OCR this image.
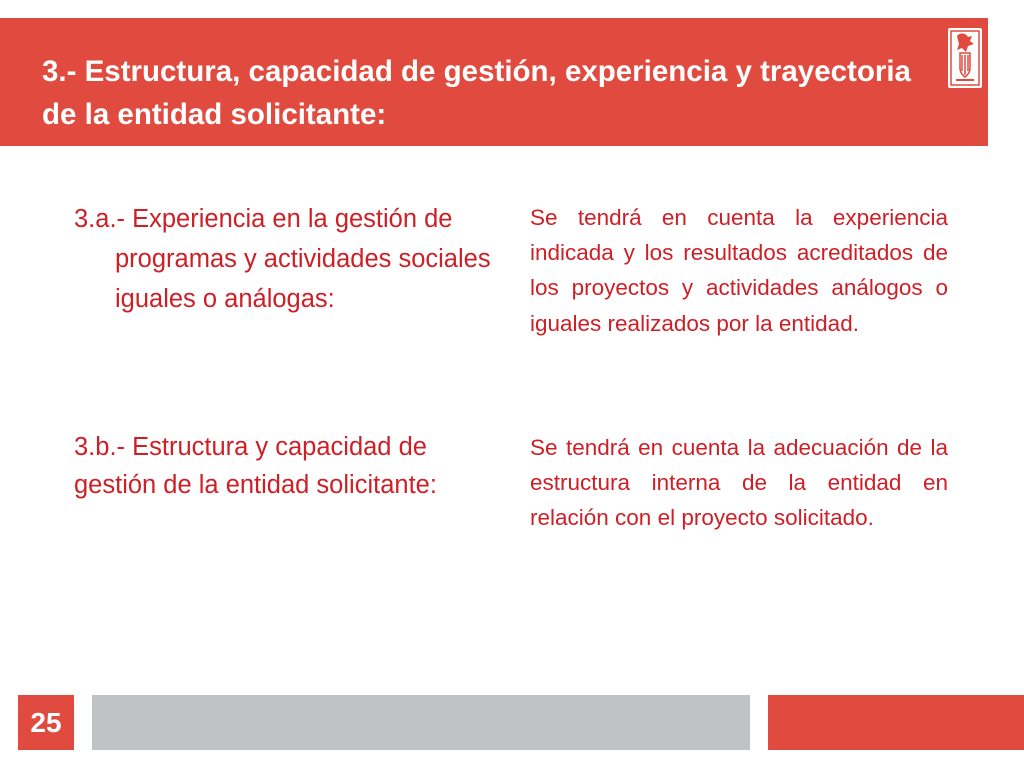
3.- Estructura, capacidad de gestión, experiencia y trayectoria de la entidad solicitante:
3.a.- Experiencia en la gestión de programas y actividades sociales iguales o análogas:
Se tendrá en cuenta la experiencia indicada y los resultados acreditados de los proyectos y actividades análogos o iguales realizados por la entidad.
3.b.- Estructura y capacidad de gestión de la entidad solicitante:
Se tendrá en cuenta la adecuación de la estructura interna de la entidad en relación con el proyecto solicitado.
25
